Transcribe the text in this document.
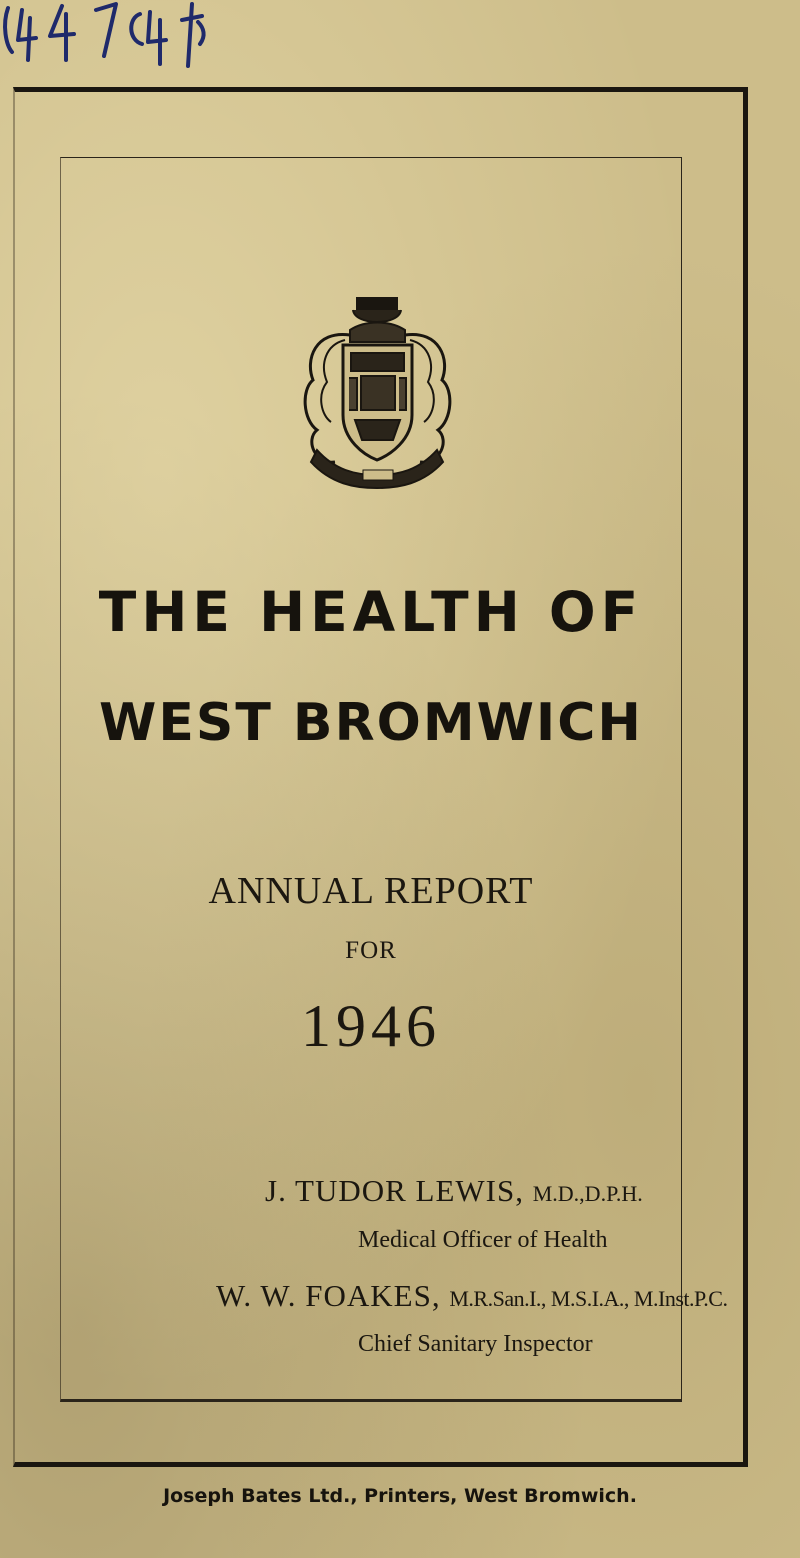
THE HEALTH OF
WEST BROMWICH

ANNUAL REPORT

FOR

1946

J. TUDOR LEWIS, M.D.,D.P.H.

Medical Officer of Health

W. W. FOAKES, M.R.San.I., M.S.I.A., M.Inst.P.C.

Chief Sanitary Inspector

Joseph Bates Ltd., Printers, West Bromwich.
